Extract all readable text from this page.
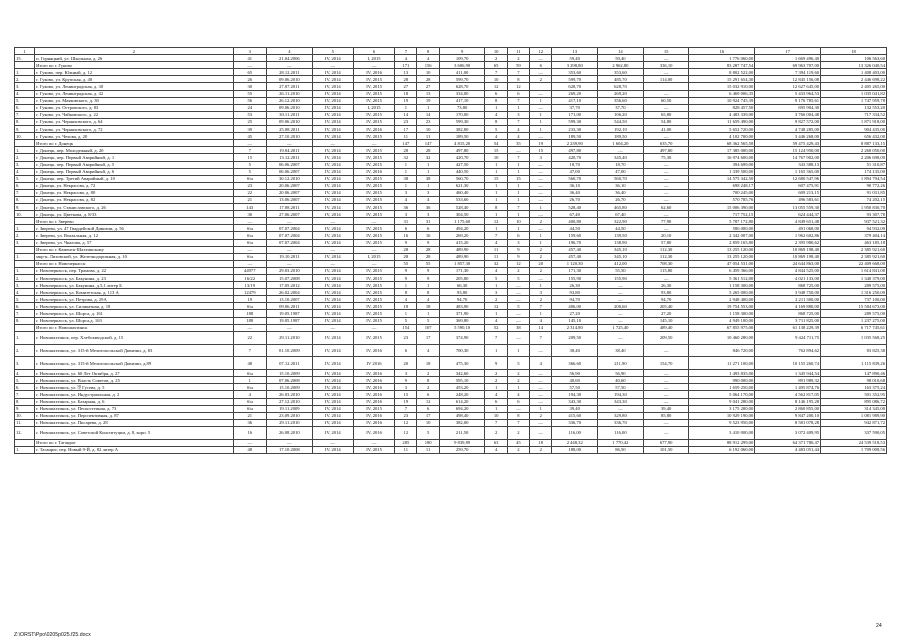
1	2	3	4	5	6	7	8	9	10	11	12	13	14	15	16	17	18
15.	п. Горняцкий, ул. Школьная, д. 26	41	21.04.2006	IV, 2014	I, 2015	4	4	109,70	2	2	—	59,40	59,40	—	1 776 060,00	1 669 496,40	106 563,60
	Итого по г. Гуково	—	—	—	—	171	156	3 606,90	65	59	6	3 298,80	2 962,80	336,10	83 287 747,54	69 963 707,00	13 326 040,54
1.	г. Гуково, пер. Южный, д. 12	65	28.12.2011	IV, 2014	IV, 2016	13	10	411,00	7	7	—	353,60	353,60	—	8 802 522,00	7 394 119,60	1 408 403,00
2.	г. Гуково, ул. Крупская, д. 40	26	09.06.2010	IV, 2014	IV, 2015	28	28	599,70	10	8	2	599,70	485,70	114,00	15 291 654,30	12 845 156,08	2 446 698,22
3.	г. Гуково, ул. Ленинградская, д. 30	30	27.07.2011	IV, 2014	IV, 2015	27	27	628,70	12	12		628,70	628,70		15 032 910,00	12 627 645,00	2 405 265,00
4.	г. Гуково, ул. Ленинградская, д. 42	55	26.11.2010	IV, 2014	IV, 2015	18	13	334,00	6	6	—	269,20	269,20	—	6 469 006,35	5 433 964,53	1 035 041,82
5.	г. Гуково, ул. Маяковского, д. 30	56	26.12.2010	IV, 2014	IV, 2015	19	19	417,10	8	7	1	417,10	356,60	60,50	10 924 745,39	9 176 785,61	1 747 959,78
6.	г. Гуково, ул. Островского, д. 83	24	09.06.2010	IV, 2014	I, 2015	1	1	73,80	1	1	—	37,70	37,70	—	828 457,50	695 904,30	132 553,20
7.	г. Гуково, ул. Чайковского, д. 22	53	30.11.2011	IV, 2014	IV, 2015	14	14	170,00	4	3	1	171,00	106,20	65,80	4 483 339,00	3 766 004,48	717 334,52
8.	г. Гуково, ул. Черняховского, д. 64	25	09.06.2010	IV, 2014	IV, 2015	23	23	599,30	8	7	1	599,30	544,50	54,80	11 659 490,00	9 827 572,00	1 871 918,00
9.	г. Гуково, ул. Черняховского, д. 72	39	25.08.2011	IV, 2014	IV, 2016	17	10	382,80	5	4	1	233,30	192,10	41,00	5 652 720,00	4 748 285,00	904 435,00
10.	г. Гуково, ул. Чехова, д. 20	45	27.10.2010	IV, 2014	IV, 2015	11	11	189,50	4	4	—	189,50	189,50	—	4 102 700,00	3 446 268,00	656 432,00
	Итого по г. Донецк	—	—	—	—	147	147	4 815,20	54	35	19	2 239,90	1 604,20	635,70	68 362 565,58	59 475 429,43	8 887 133,15
1.	г. Донецк, пер. Молодежный, д. 20	7	19.04.2011	IV, 2014	IV, 2015	28	28	497,80	15	—	15	497,80	—	497,80	17 385 000,00	15 124 950,00	2 260 050,00
2.	г. Донецк, пер. Первый Аварийный, д. 1	15	13.12.2011	IV, 2014	IV, 2015	32	32	420,70	10	7	3	420,70	345,40	75,30	16 974 600,00	14 767 902,00	2 206 698,00
3.	г. Донецк, пер. Первый Аварийный, д. 5	5	06.06.2007	IV, 2014	IV, 2015	1	1	427,50	1	1	—	18,70	18,70	—	394 699,00	343 388,13	51 310,87
4.	г. Донецк, пер. Первый Аварийный, д. 6	5	06.06.2007	IV, 2014	IV, 2016	1	1	440,50	1	1	—	47,00	47,00	—	1 339 500,00	1 165 365,00	174 135,00
5.	г. Донецк, пер. Третий Аварийный, д. 10	б/н	30.12.2010	IV, 2014	IV, 2015	38	38	560,70	15	15	—	560,70	560,70	—	14 575 342,50	12 680 547,96	1 894 794,54
6.	г. Донецк, ул. Некрасова, д. 72	23	20.06.2007	IV, 2014	IV, 2015	1	1	621,30	1	1	—	36,10	36,10	—	698 248,17	607 475,91	90 772,26
7.	г. Донецк, ул. Некрасова, д. 80	22	20.06.2007	IV, 2014	IV, 2015	3	3	460,40	1	1	—	36,40	36,40	—	700 245,00	609 213,15	91 031,85
8.	г. Донецк, ул. Некрасова, д. 82	21	13.06.2007	IV, 2014	IV, 2015	4	4	533,60	1	1	—	26,70	26,70	—	570 785,76	496 583,61	74 202,15
9.	г. Донецк, ул. Станиславского, д. 26	143	17.08.2011	IV, 2014	IV, 2015	36	36	528,40	8	7	1	528,40	465,80	62,60	15 006 390,00	13 055 559,30	1 950 830,70
10.	г. Донецк, ул. Цветкова, д. 8/33	30	27.06.2007	IV, 2014	IV, 2015	3	3	304,50	1	1	—	67,40	67,40	—	717 752,15	624 444,37	93 307,78
	Итого по г. Зверево	—	—	—	—	31	31	1 175,60	12	10	2	400,80	322,90	77,90	5 787 172,80	4 849 651,48	937 521,32
1.	г. Зверево, ул. 47 Гвардейской Дивизии, д. 56	б/н	07.07.2004	IV, 2014	IV, 2015	6	6	494,20	1	1	—	44,50	44,50	—	586 000,00	491 068,00	94 932,00
2.	г. Зверево, ул. Вокзальная, д. 12	б/н	07.07.2004	IV, 2014	IV, 2015	16	16	269,20	7	6	1	159,60	139,50	20,10	2 342 007,00	1 962 602,86	379 404,14
3.	г. Зверево, ул. Чкалова, д. 57	б/н	07.07.2004	IV, 2014	IV, 2015	9	9	415,20	4	3	1	196,70	138,90	57,80	2 859 165,80	2 395 980,62	463 185,18
	Итого по г. Каменск-Шахтинскому	—	—	—	—	28	28	489,90	11	9	2	457,40	345,10	112,30	13 255 120,00	10 869 198,40	2 385 921,60
1.	мкр-н. Лиховской, ул. Железнодорожная, д. 10	б/н	19.10.2011	IV, 2014	I, 2015	28	28	489,90	11	9	2	457,40	345,10	112,30	13 255 120,00	10 869 198,40	2 385 921,60
	Итого по г. Новочеркасск	—	—	—	—	55	55	1 857,30	32	12	20	1 120,30	412,00	708,30	47 054 531,00	24 644 863,00	22 409 668,00
1.	г. Новочеркасск, пер. Трамова, д. 22	44977	29.03.2010	IV, 2014	IV, 2015	9	9	171,30	4	2	2	171,30	55,50	115,80	6 459 366,00	4 844 525,00	1 614 841,00
2.	г. Новочеркасск, ул. Бакунина, д. 23	16/22	15.07.2008	IV, 2014	IV, 2015	9	9	205,80	5	5	—	155,90	155,90	—	5 361 512,00	4 021 133,00	1 340 379,00
3.	г. Новочеркасск, ул. Бакунина, д.5,1 литер Б	13/19	17.05.2012	IV, 2014	IV, 2015	1	1	66,30	1	—	1	26,30	—	26,30	1 158 300,00	868 725,00	289 575,00
4.	г. Новочеркасск, ул. Комитетская, д. 113 А	12479	26.02.2004	IV, 2014	IV, 2015	8	8	93,80	3	—	3	93,80	—	93,80	5 265 000,00	3 948 750,00	1 316 250,00
5.	г. Новочеркасск, ул. Петрова, д. 29А	19	13.10.2007	IV, 2014	IV, 2015	4	4	94,70	2	—	2	94,70	—	94,70	2 948 400,00	2 211 300,00	737 100,00
6.	г. Новочеркасск, ул. Силикатная, д. 18	б/н	09.06.2011	IV, 2014	IV, 2015	18	18	483,90	12	5	7	406,00	200,60	205,40	19 754 553,00	4 169 880,00	15 584 673,00
7.	г. Новочеркасск, ул. Шорса, д. 161	188	19.05.1987	IV, 2014	IV, 2015	1	1	371,90	1	—	1	27,20	—	27,20	1 158 300,00	868 725,00	289 575,00
8.	г. Новочеркасск, ул. Шорса,д. 163	188	19.05.1987	IV, 2014	IV, 2015	5	5	369,80	4	—	4	145,10	—	145,10	4 949 100,00	3 711 825,00	1 237 275,00
	Итого по г. Новошахтинск	—	—	—	—	154	107	5 590,10	52	38	14	2 314,80	1 725,40	489,40	67 855 975,00	61 138 229,39	6 717 745,61
1.	г. Новошахтинск, пер. Хлебозаводской, д. 15	22	29.11.2010	IV, 2014	IV, 2015	23	17	374,90	7	—	7	209,50	—	209,50	10 460 280,00	9 424 711,75	1 035 568,25
2.	г. Новошахтинск, ул. 315-й Мелитопольской Дивизии, д. 83	7	01.10.2009	IV, 2014	IV, 2016	6	4	700,30	1	1	—	38,40	38,40	—	846 720,00	762 894,62	83 825,38
3.	г. Новошахтинск, ул. 315-й Мелитопольской Дивизии, д.89	48	07.12.2011	IV, 2014	IV 2016	20	18	475,30	9	5	4	366,60	211,90	154,70	11 271 100,00	10 155 260,74	1 115 839,26
4.	г. Новошахтинск, ул. 60 Лет Октября, д. 27	б/н	15.10.2009	IV, 2014	IV, 2016	3	2	342,60	2	2	—	56,90	56,90	—	1 493 835,00	1 345 944,54	147 890,46
5.	г. Новошахтинск, ул. Власть Советов, д. 25	1	07.06.2008	IV, 2014	IV, 2016	9	8	595,10	2	2	—	40,60	40,60	—	990 000,00	891 989,32	98 010,68
6.	г. Новошахтинск, ул.겟 Гусева, д. 5	б/н	15.10.2009	IV, 2014	IV, 2016	3	2	453,20	1	1	—	57,50	57,50	—	1 659 250,00	1 495 874,76	163 375,24
7.	г. Новошахтинск, ул. Индустриальная, д. 2	4	26.03.2010	IV, 2014	IV, 2016	15	6	248,20	4	4	—	194,30	194,30	—	5 064 170,00	4 562 817,05	501 352,95
8.	г. Новошахтинск, ул. Базарная, д. 6	б/н	27.12.2010	IV, 2014	IV, 2016	19	12	614,20	6	6	—	343,30	343,30	—	9 041 280,00	8 146 195,28	895 086,72
9.	г. Новошахтинск, ул. Пескостепная, д. 73	б/н	19.11.2009	IV, 2014	IV, 2015	7	6	694,20	1	—	1	39,40	—	39,40	3 175 200,00	2 860 855,00	314 345,00
10.	г. Новошахтинск, ул. Перспективная, д. 87	21	23.09.2010	IV, 2014	IV, 2016	23	17	498,40	10	8	2	415,60	329,80	85,80	10 929 190,00	9 847 200,10	1 081 989,90
11.	г. Новошахтинск, ул. Писарева, д. 28	36	29.11.2010	IV, 2014	IV, 2016	12	10	382,00	7	7	—	336,70	336,70	—	9 523 950,00	8 581 078,28	942 871,72
12.	г. Новошахтинск, ул. Советской Конституции, д. 8, корп. 5	16	26.08.2010	IV, 2014	IV, 2016	12	5	211,50	2	2	—	116,00	116,00	—	3 410 000,00	3 072 409,95	337 590,05
	Итого по г. Таганрог	—	—	—	—	285	180	9 839,89	63	45	18	2 448,32	1 770,42	677,90	88 912 299,00	64 371 780,47	24 539 518,53
1.	г. Таганрог, пер. Новый 9-Й, д. 82 литер А	48	17.10.2008	IV, 2014	IV, 2015	11	11	259,70	4	2	2	188,00	86,50	101,50	6 192 060,00	4 483 051,44	1 709 008,56
Z:\ORST\Ppo\0205p025.f25.docx
24
